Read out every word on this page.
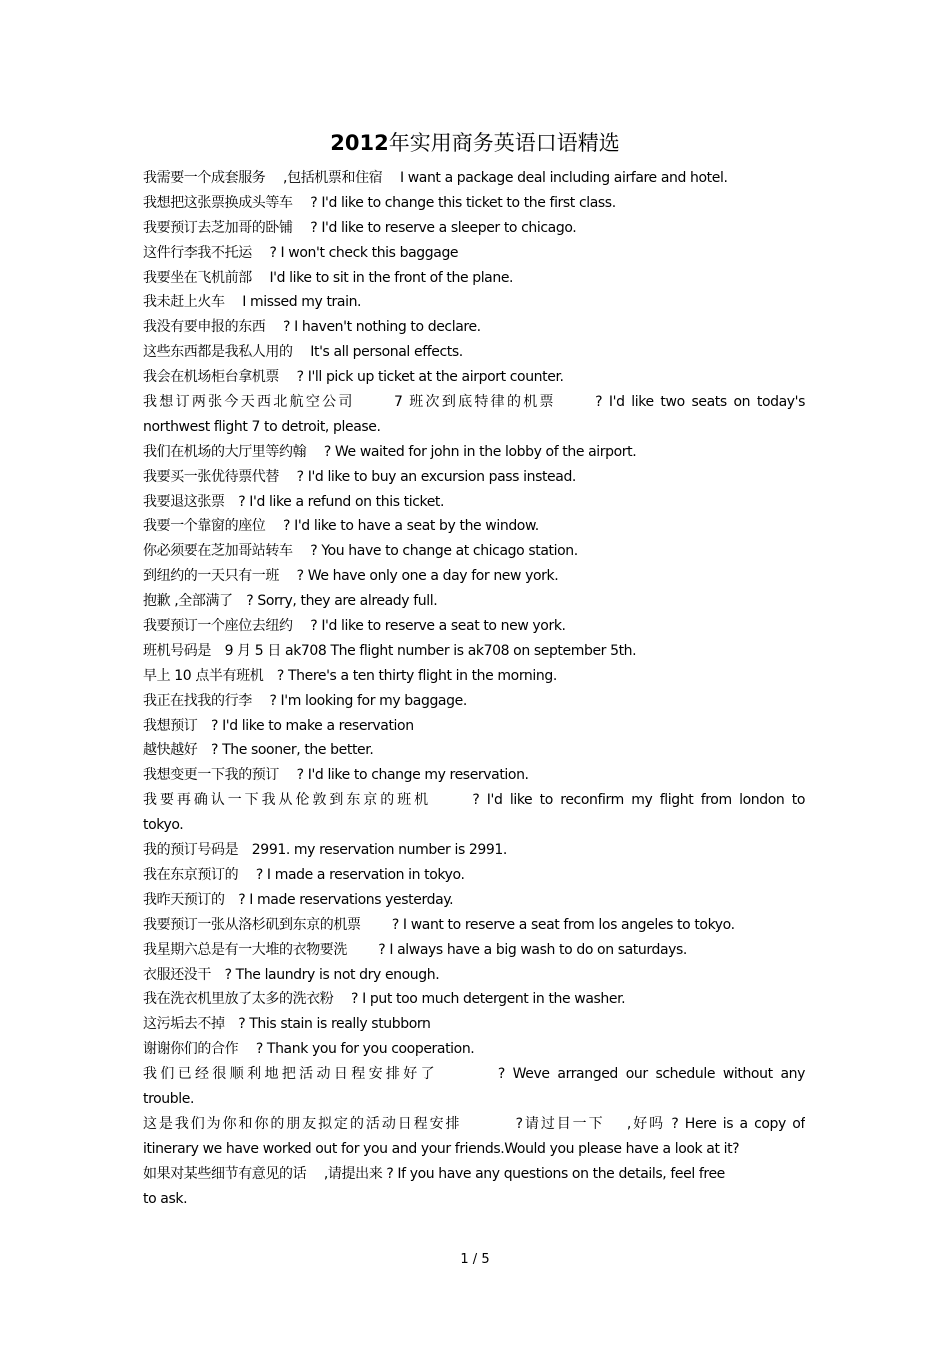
2012年实用商务英语口语精选
我需要一个成套服务　 ,包括机票和住宿　 I want a package deal including airfare and hotel.
我想把这张票换成头等车　 ? I'd like to change this ticket to the first class.
我要预订去芝加哥的卧铺　 ? I'd like to reserve a sleeper to chicago.
这件行李我不托运　 ? I won't check this baggage
我要坐在飞机前部　 I'd like to sit in the front of the plane.
我未赶上火车　 I missed my train.
我没有要申报的东西　 ? I haven't nothing to declare.
这些东西都是我私人用的　 It's all personal effects.
我会在机场柜台拿机票　 ? I'll pick up ticket at the airport counter.
我想订两张今天西北航空公司　　 7 班次到底特律的机票　　 ? I'd like two seats on today's
northwest flight 7 to detroit, please.
我们在机场的大厅里等约翰　 ? We waited for john in the lobby of the airport.
我要买一张优待票代替　 ? I'd like to buy an excursion pass instead.
我要退这张票　? I'd like a refund on this ticket.
我要一个靠窗的座位　 ? I'd like to have a seat by the window.
你必须要在芝加哥站转车　 ? You have to change at chicago station.
到纽约的一天只有一班　 ? We have only one a day for new york.
抱歉 ,全部满了　? Sorry, they are already full.
我要预订一个座位去纽约　 ? I'd like to reserve a seat to new york.
班机号码是　9 月 5 日 ak708 The flight number is ak708 on september 5th.
早上 10 点半有班机　? There's a ten thirty flight in the morning.
我正在找我的行李　 ? I'm looking for my baggage.
我想预订　? I'd like to make a reservation
越快越好　? The sooner, the better.
我想变更一下我的预订　 ? I'd like to change my reservation.
我要再确认一下我从伦敦到东京的班机　　 ? I'd like to reconfirm my flight from london to
tokyo.
我的预订号码是　2991. my reservation number is 2991.
我在东京预订的　 ? I made a reservation in tokyo.
我昨天预订的　? I made reservations yesterday.
我要预订一张从洛杉矶到东京的机票　　 ? I want to reserve a seat from los angeles to tokyo.
我星期六总是有一大堆的衣物要洗　　 ? I always have a big wash to do on saturdays.
衣服还没干　? The laundry is not dry enough.
我在洗衣机里放了太多的洗衣粉　 ? I put too much detergent in the washer.
这污垢去不掉　? This stain is really stubborn
谢谢你们的合作　 ? Thank you for you cooperation.
我们已经很顺利地把活动日程安排好了　　　 ? Weve arranged our schedule without any
trouble.
这是我们为你和你的朋友拟定的活动日程安排　　　 ?请过目一下　 ,好吗 ? Here is a copy of
itinerary we have worked out for you and your friends.Would you please have a look at it?
如果对某些细节有意见的话　 ,请提出来 ? If you have any questions on the details, feel free
to ask.
1 / 5
